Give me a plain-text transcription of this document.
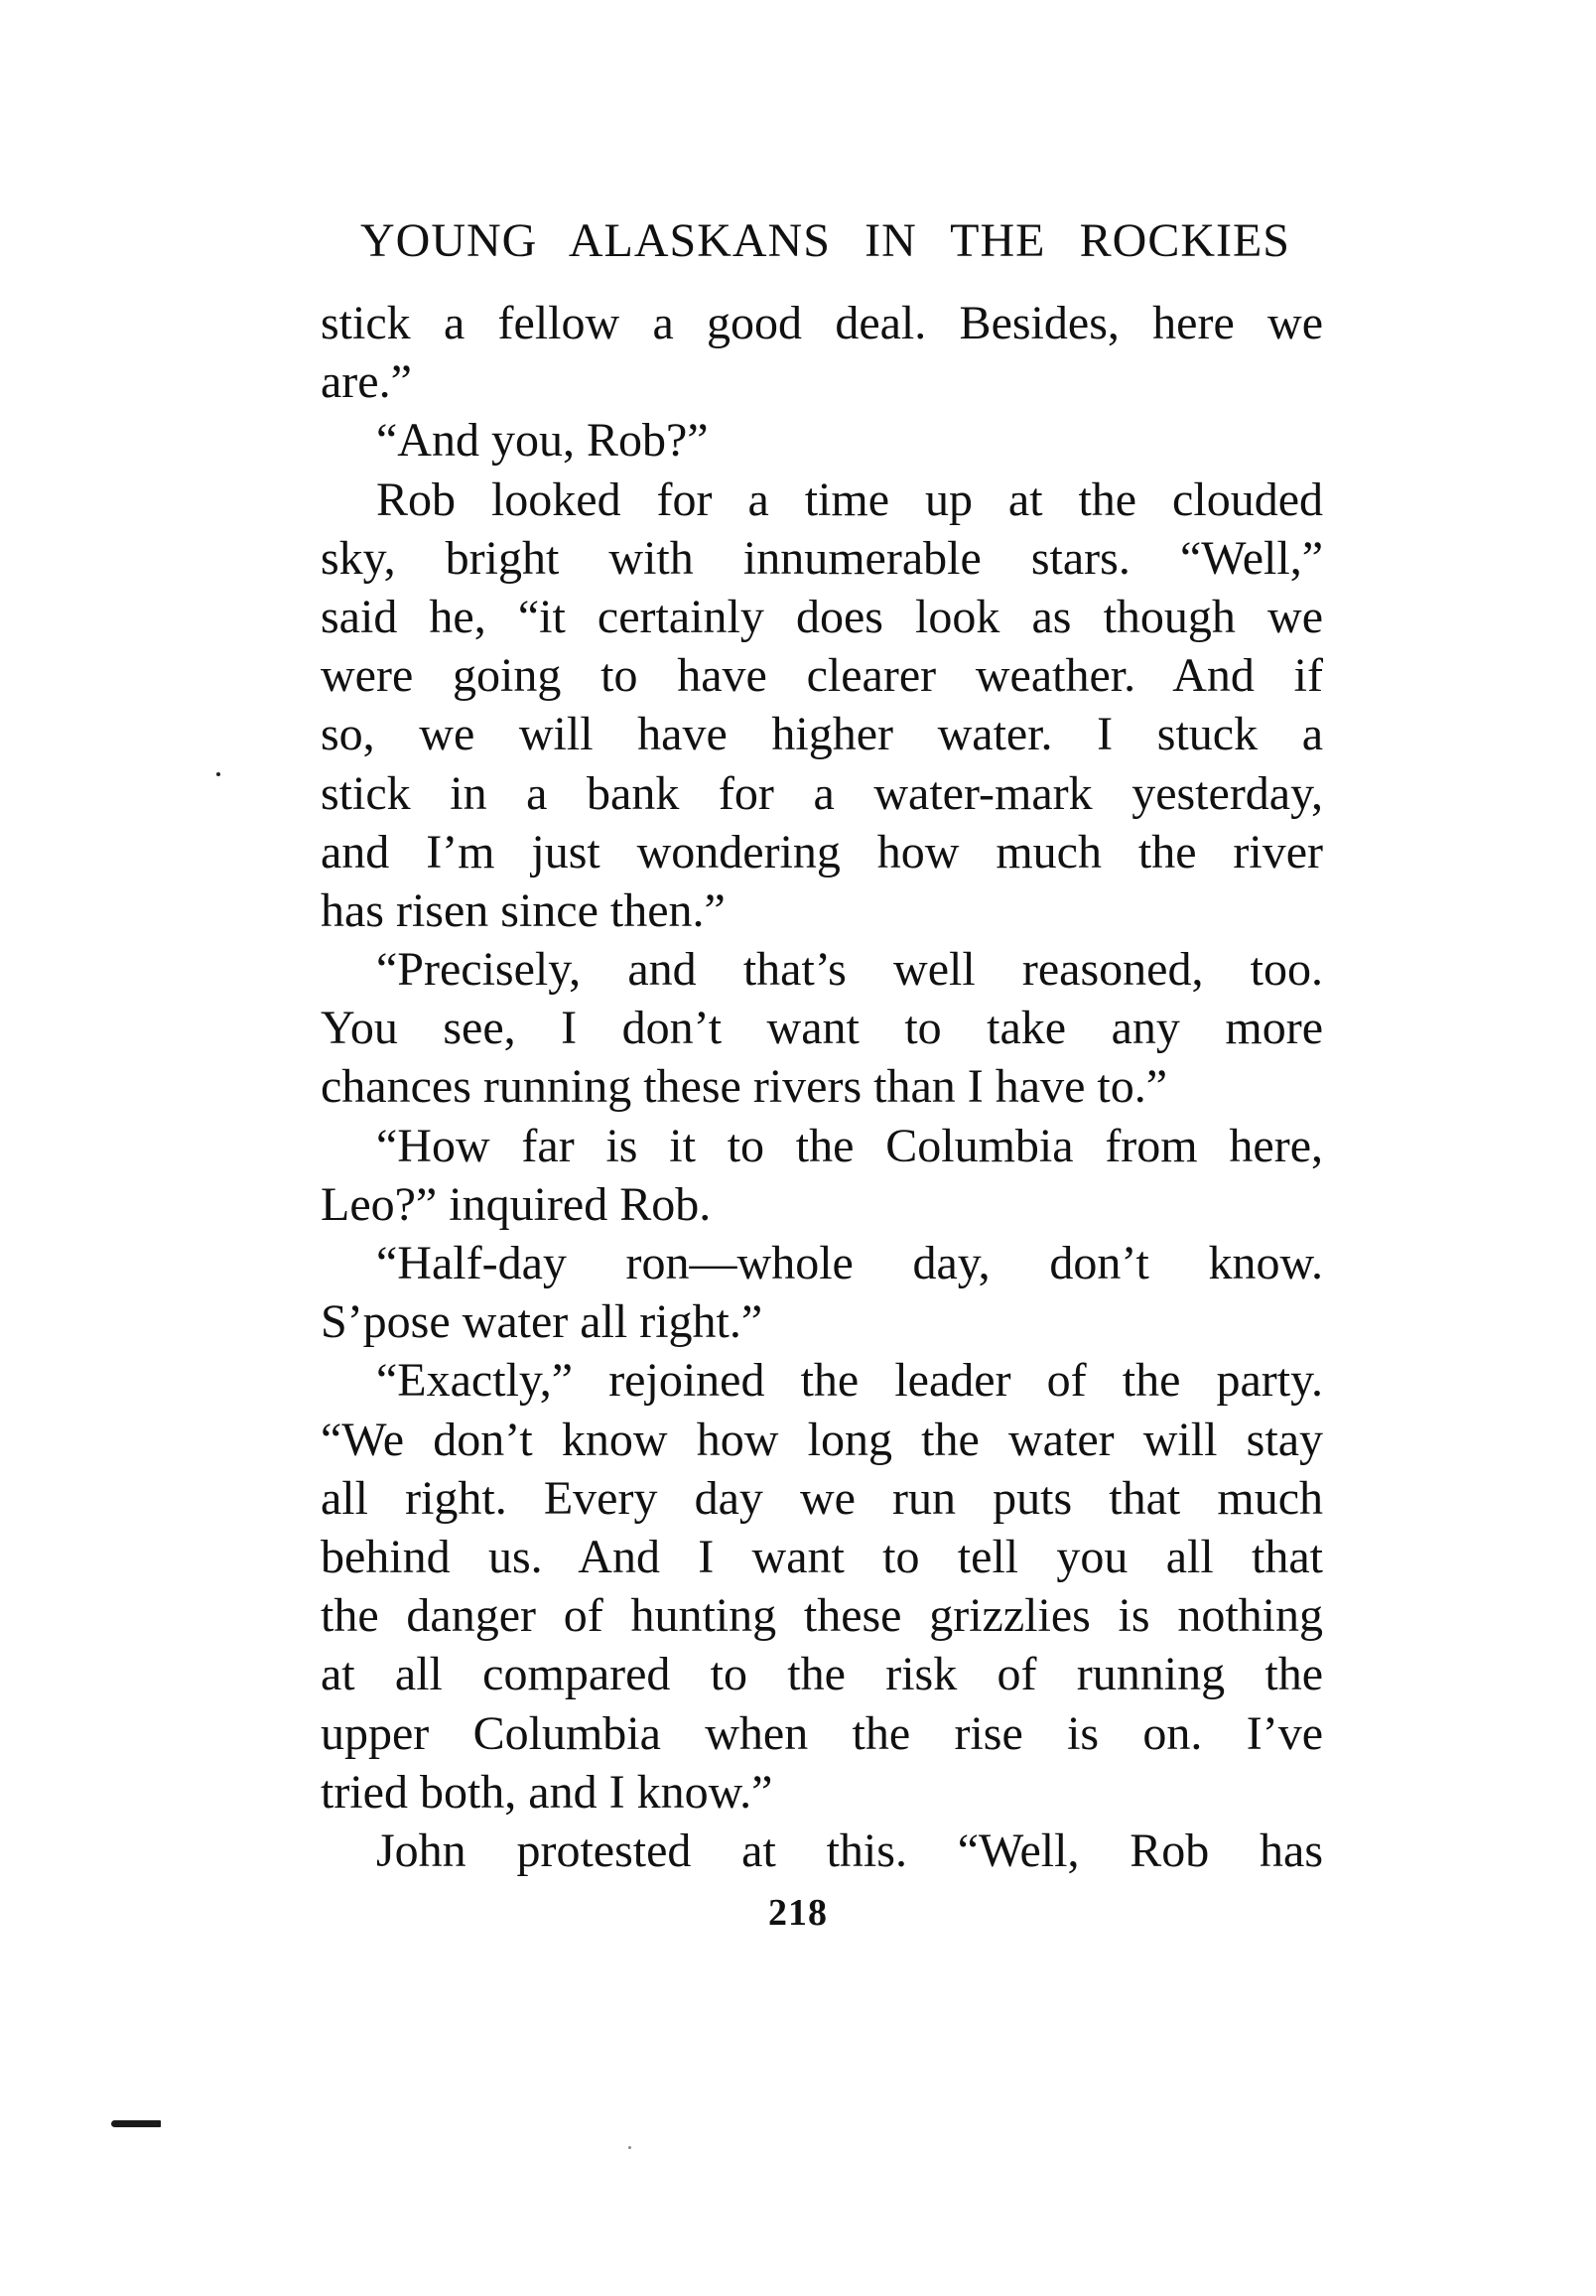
YOUNG ALASKANS IN THE ROCKIES
stick a fellow a good deal. Besides, here we
are.”
“And you, Rob?”
Rob looked for a time up at the clouded
sky, bright with innumerable stars. “Well,”
said he, “it certainly does look as though we
were going to have clearer weather. And if
so, we will have higher water. I stuck a
stick in a bank for a water-mark yesterday,
and I’m just wondering how much the river
has risen since then.”
“Precisely, and that’s well reasoned, too.
You see, I don’t want to take any more
chances running these rivers than I have to.”
“How far is it to the Columbia from here,
Leo?” inquired Rob.
“Half-day ron—whole day, don’t know.
S’pose water all right.”
“Exactly,” rejoined the leader of the party.
“We don’t know how long the water will stay
all right. Every day we run puts that much
behind us. And I want to tell you all that
the danger of hunting these grizzlies is nothing
at all compared to the risk of running the
upper Columbia when the rise is on. I’ve
tried both, and I know.”
John protested at this. “Well, Rob has
218
